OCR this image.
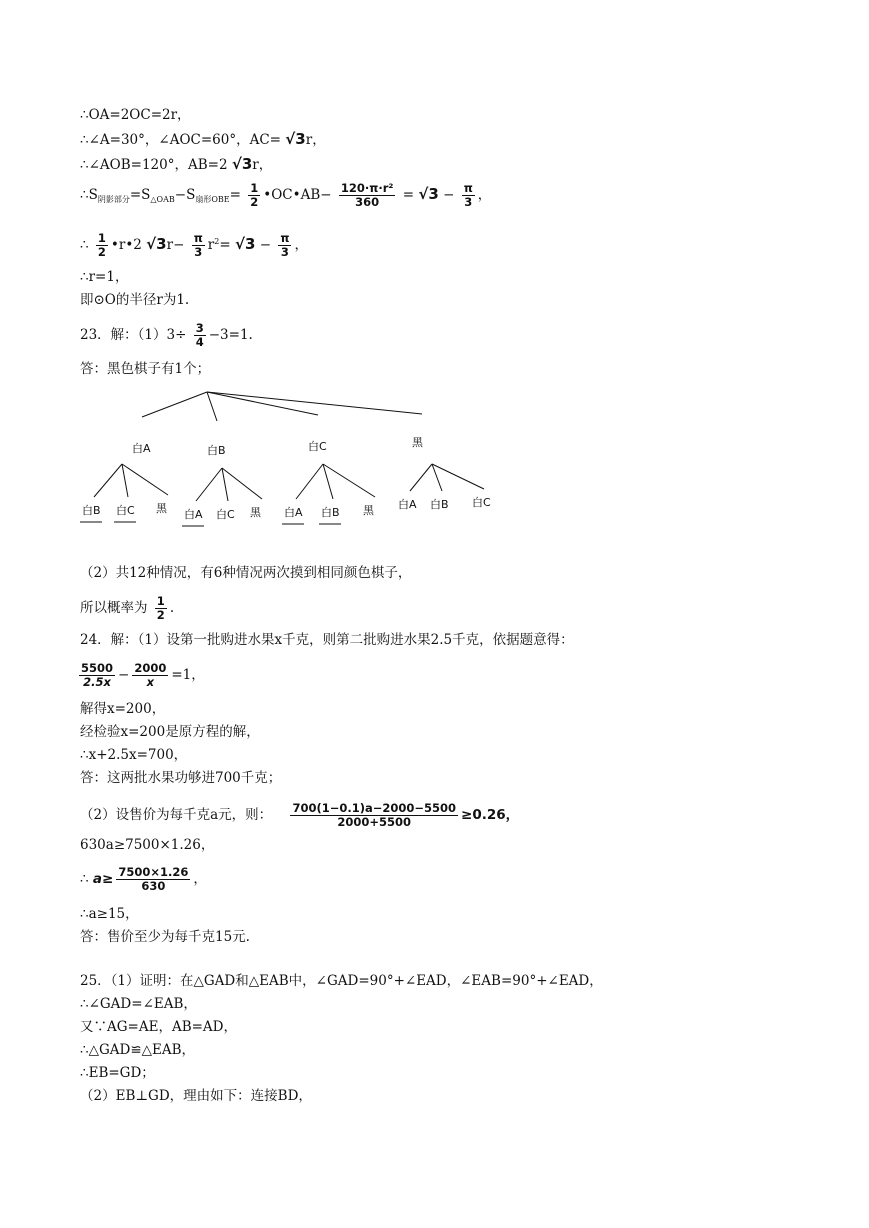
∴OA=2OC=2r，
∴∠A=30°，∠AOC=60°，AC= √3r，
∴∠AOB=120°，AB=2 √3r，
$\therefore S_{阴影部分}=S_{\triangle OAB}-S_{扇形OBE}= \frac{1}{2}$ •OC•AB− $\frac{\text{120·π·r²}}{360} = √3 - \frac{\pi}{3}$ ，
∴ $\frac{1}{2}$ •r•2 $√3r- \frac{\pi}{3} r^2= √3 - \frac{\pi}{3}$ ，
∴r=1，
即⊙O的半径r为1.
23．解：$(1)3\div \frac{3}{4} -3=1$.
答：黑色棋子有1个；
白A
白B 白C 黑
白B
白A 白C 黑
白C
白A 白B 黑
黑
白A 白B 白C
（2）共12种情况，有6种情况两次摸到相同颜色棋子，
所以概率为 $\frac{1}{2}$ .
24．解：（1）设第一批购进水果x千克，则第二批购进水果2.5千克，依据题意得：
$\frac{5500}{2.5x} - \frac{2000}{x} =1$，
解得x=200，
经检验x=200是原方程的解，
∴x+2.5x=700，
答：这两批水果功够进700千克；
（2）设售价为每千克a元，则： $\frac{700(1-0.1)a-2000-5500}{2000+5500} \ge 0.26$，
630a≥7500×1.26，
∴ $a\ge \frac{7500\times 1.26}{630}$ ，
∴a≥15，
答：售价至少为每千克15元.
25．（1）证明：在△GAD和△EAB中，∠GAD=90°+∠EAD，∠EAB=90°+∠EAD，
∴∠GAD=∠EAB，
又∵AG=AE，AB=AD，
∴△GAD≌△EAB，
∴EB=GD；
（2）EB⊥GD，理由如下：连接BD，
